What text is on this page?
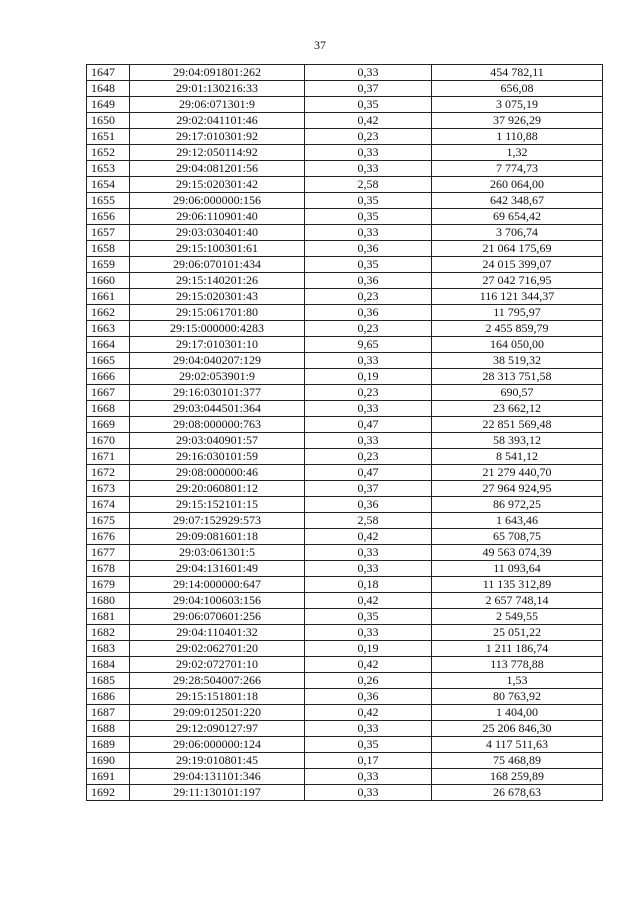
37
1647	29:04:091801:262	0,33	454 782,11
1648	29:01:130216:33	0,37	656,08
1649	29:06:071301:9	0,35	3 075,19
1650	29:02:041101:46	0,42	37 926,29
1651	29:17:010301:92	0,23	1 110,88
1652	29:12:050114:92	0,33	1,32
1653	29:04:081201:56	0,33	7 774,73
1654	29:15:020301:42	2,58	260 064,00
1655	29:06:000000:156	0,35	642 348,67
1656	29:06:110901:40	0,35	69 654,42
1657	29:03:030401:40	0,33	3 706,74
1658	29:15:100301:61	0,36	21 064 175,69
1659	29:06:070101:434	0,35	24 015 399,07
1660	29:15:140201:26	0,36	27 042 716,95
1661	29:15:020301:43	0,23	116 121 344,37
1662	29:15:061701:80	0,36	11 795,97
1663	29:15:000000:4283	0,23	2 455 859,79
1664	29:17:010301:10	9,65	164 050,00
1665	29:04:040207:129	0,33	38 519,32
1666	29:02:053901:9	0,19	28 313 751,58
1667	29:16:030101:377	0,23	690,57
1668	29:03:044501:364	0,33	23 662,12
1669	29:08:000000:763	0,47	22 851 569,48
1670	29:03:040901:57	0,33	58 393,12
1671	29:16:030101:59	0,23	8 541,12
1672	29:08:000000:46	0,47	21 279 440,70
1673	29:20:060801:12	0,37	27 964 924,95
1674	29:15:152101:15	0,36	86 972,25
1675	29:07:152929:573	2,58	1 643,46
1676	29:09:081601:18	0,42	65 708,75
1677	29:03:061301:5	0,33	49 563 074,39
1678	29:04:131601:49	0,33	11 093,64
1679	29:14:000000:647	0,18	11 135 312,89
1680	29:04:100603:156	0,42	2 657 748,14
1681	29:06:070601:256	0,35	2 549,55
1682	29:04:110401:32	0,33	25 051,22
1683	29:02:062701:20	0,19	1 211 186,74
1684	29:02:072701:10	0,42	113 778,88
1685	29:28:504007:266	0,26	1,53
1686	29:15:151801:18	0,36	80 763,92
1687	29:09:012501:220	0,42	1 404,00
1688	29:12:090127:97	0,33	25 206 846,30
1689	29:06:000000:124	0,35	4 117 511,63
1690	29:19:010801:45	0,17	75 468,89
1691	29:04:131101:346	0,33	168 259,89
1692	29:11:130101:197	0,33	26 678,63
